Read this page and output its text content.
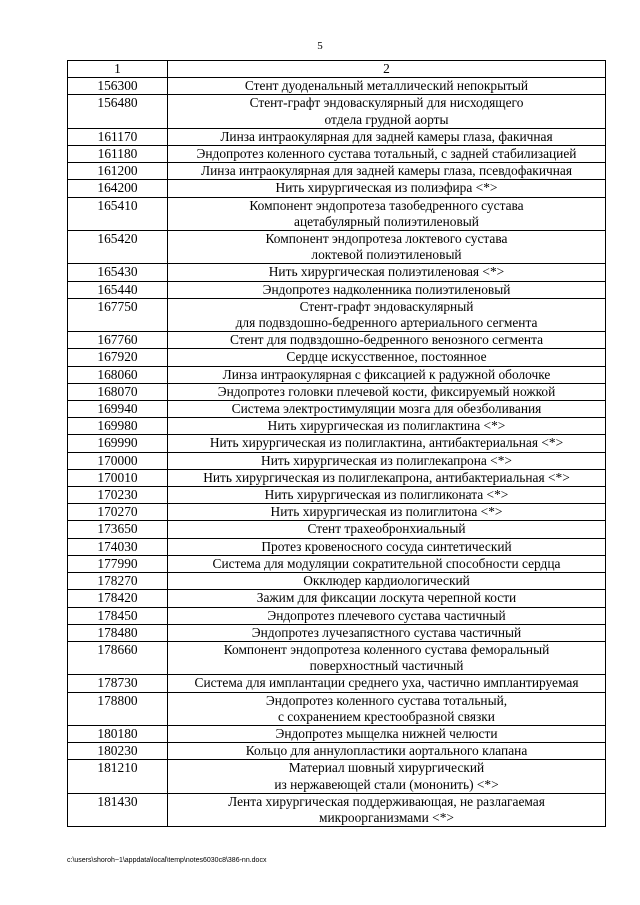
5
1	2
156300	Стент дуоденальный металлический непокрытый
156480	Стент-графт эндоваскулярный для нисходящего
отдела грудной аорты
161170	Линза интраокулярная для задней камеры глаза, факичная
161180	Эндопротез коленного сустава тотальный, с задней стабилизацией
161200	Линза интраокулярная для задней камеры глаза, псевдофакичная
164200	Нить хирургическая из полиэфира <*>
165410	Компонент эндопротеза тазобедренного сустава
ацетабулярный полиэтиленовый
165420	Компонент эндопротеза локтевого сустава
локтевой полиэтиленовый
165430	Нить хирургическая полиэтиленовая <*>
165440	Эндопротез надколенника полиэтиленовый
167750	Стент-графт эндоваскулярный
для подвздошно-бедренного артериального сегмента
167760	Стент для подвздошно-бедренного венозного сегмента
167920	Сердце искусственное, постоянное
168060	Линза интраокулярная с фиксацией к радужной оболочке
168070	Эндопротез головки плечевой кости, фиксируемый ножкой
169940	Система электростимуляции мозга для обезболивания
169980	Нить хирургическая из полиглактина <*>
169990	Нить хирургическая из полиглактина, антибактериальная <*>
170000	Нить хирургическая из полиглекапрона <*>
170010	Нить хирургическая из полиглекапрона, антибактериальная <*>
170230	Нить хирургическая из полигликоната <*>
170270	Нить хирургическая из полиглитона <*>
173650	Стент трахеобронхиальный
174030	Протез кровеносного сосуда синтетический
177990	Система для модуляции сократительной способности сердца
178270	Окклюдер кардиологический
178420	Зажим для фиксации лоскута черепной кости
178450	Эндопротез плечевого сустава частичный
178480	Эндопротез лучезапястного сустава частичный
178660	Компонент эндопротеза коленного сустава феморальный
поверхностный частичный
178730	Система для имплантации среднего уха, частично имплантируемая
178800	Эндопротез коленного сустава тотальный,
с сохранением крестообразной связки
180180	Эндопротез мыщелка нижней челюсти
180230	Кольцо для аннулопластики аортального клапана
181210	Материал шовный хирургический
из нержавеющей стали (мононить) <*>
181430	Лента хирургическая поддерживающая, не разлагаемая
микроорганизмами <*>
c:\users\shoroh~1\appdata\local\temp\notes6030c8\386-nn.docx
